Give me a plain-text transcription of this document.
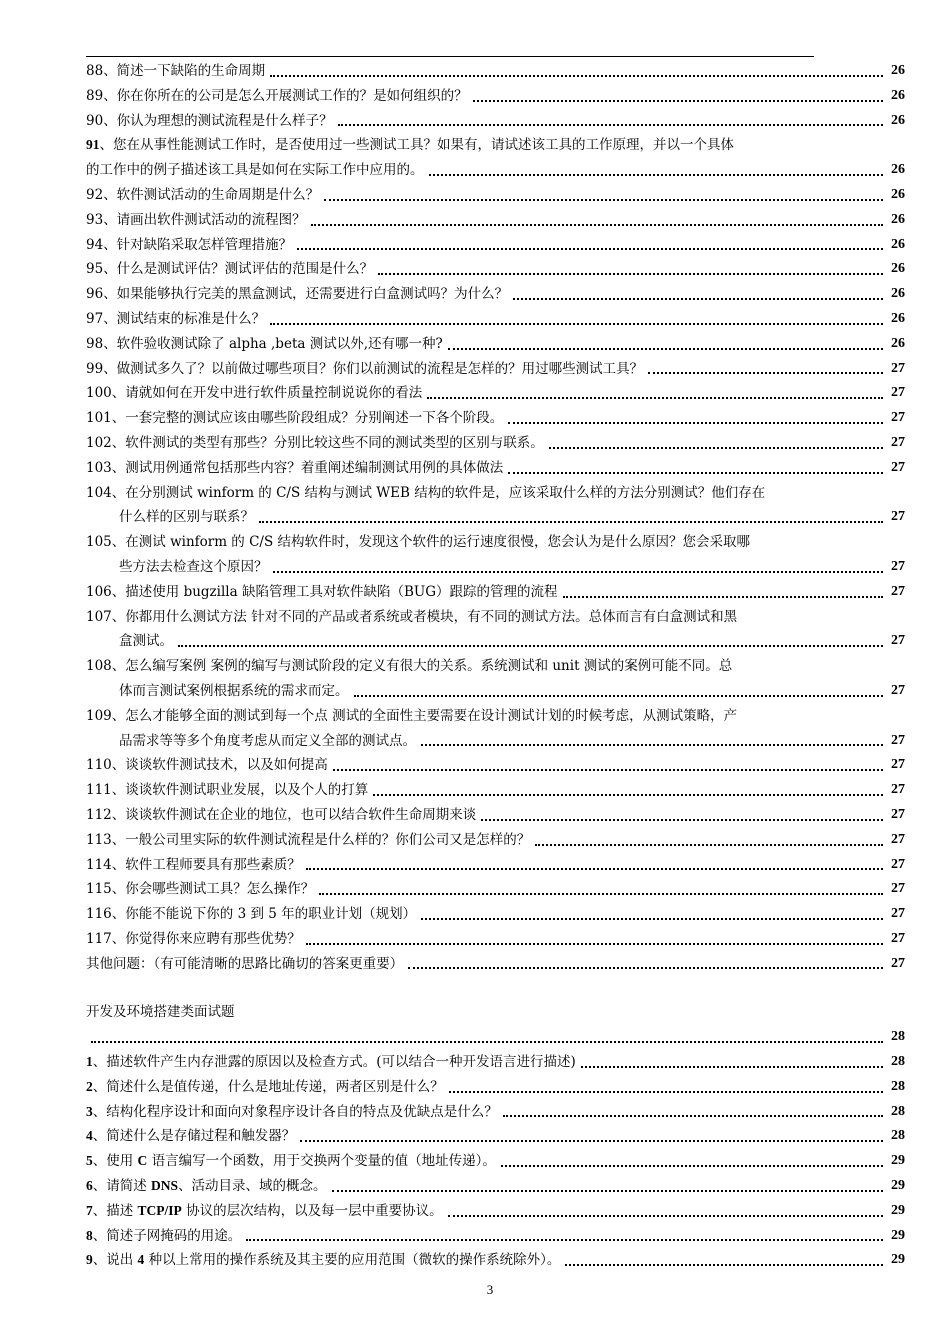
88、简述一下缺陷的生命周期	26
89、你在你所在的公司是怎么开展测试工作的？是如何组织的？	26
90、你认为理想的测试流程是什么样子？	26
91、您在从事性能测试工作时，是否使用过一些测试工具？如果有，请试述该工具的工作原理，并以一个具体
的工作中的例子描述该工具是如何在实际工作中应用的。	26
92、软件测试活动的生命周期是什么？	26
93、请画出软件测试活动的流程图？	26
94、针对缺陷采取怎样管理措施？	26
95、什么是测试评估？测试评估的范围是什么？	26
96、如果能够执行完美的黑盒测试，还需要进行白盒测试吗？为什么？	26
97、测试结束的标准是什么？	26
98、软件验收测试除了 alpha ,beta 测试以外,还有哪一种?	26
99、做测试多久了？以前做过哪些项目？你们以前测试的流程是怎样的？用过哪些测试工具？	27
100、请就如何在开发中进行软件质量控制说说你的看法	27
101、一套完整的测试应该由哪些阶段组成？分别阐述一下各个阶段。	27
102、软件测试的类型有那些？分别比较这些不同的测试类型的区别与联系。	27
103、测试用例通常包括那些内容？着重阐述编制测试用例的具体做法	27
104、在分别测试 winform 的 C/S 结构与测试 WEB 结构的软件是，应该采取什么样的方法分别测试？他们存在
什么样的区别与联系？	27
105、在测试 winform 的 C/S 结构软件时，发现这个软件的运行速度很慢，您会认为是什么原因？您会采取哪
些方法去检查这个原因？	27
106、描述使用 bugzilla 缺陷管理工具对软件缺陷（BUG）跟踪的管理的流程	27
107、你都用什么测试方法 针对不同的产品或者系统或者模块，有不同的测试方法。总体而言有白盒测试和黑
盒测试。	27
108、怎么编写案例 案例的编写与测试阶段的定义有很大的关系。系统测试和 unit 测试的案例可能不同。总
体而言测试案例根据系统的需求而定。	27
109、怎么才能够全面的测试到每一个点 测试的全面性主要需要在设计测试计划的时候考虑，从测试策略，产
品需求等等多个角度考虑从而定义全部的测试点。	27
110、谈谈软件测试技术，以及如何提高	27
111、谈谈软件测试职业发展，以及个人的打算	27
112、谈谈软件测试在企业的地位，也可以结合软件生命周期来谈	27
113、一般公司里实际的软件测试流程是什么样的？你们公司又是怎样的？	27
114、软件工程师要具有那些素质？	27
115、你会哪些测试工具？怎么操作？	27
116、你能不能说下你的 3 到 5 年的职业计划（规划）	27
117、你觉得你来应聘有那些优势？	27
其他问题：（有可能清晰的思路比确切的答案更重要）	27
开发及环境搭建类面试题
28
1、描述软件产生内存泄露的原因以及检查方式。(可以结合一种开发语言进行描述)	28
2、简述什么是值传递，什么是地址传递，两者区别是什么？	28
3、结构化程序设计和面向对象程序设计各自的特点及优缺点是什么？	28
4、简述什么是存储过程和触发器？	28
5、使用 C 语言编写一个函数，用于交换两个变量的值（地址传递）。	29
6、请简述 DNS、活动目录、域的概念。	29
7、描述 TCP/IP 协议的层次结构，以及每一层中重要协议。	29
8、简述子网掩码的用途。	29
9、说出 4 种以上常用的操作系统及其主要的应用范围（微软的操作系统除外）。	29
3
